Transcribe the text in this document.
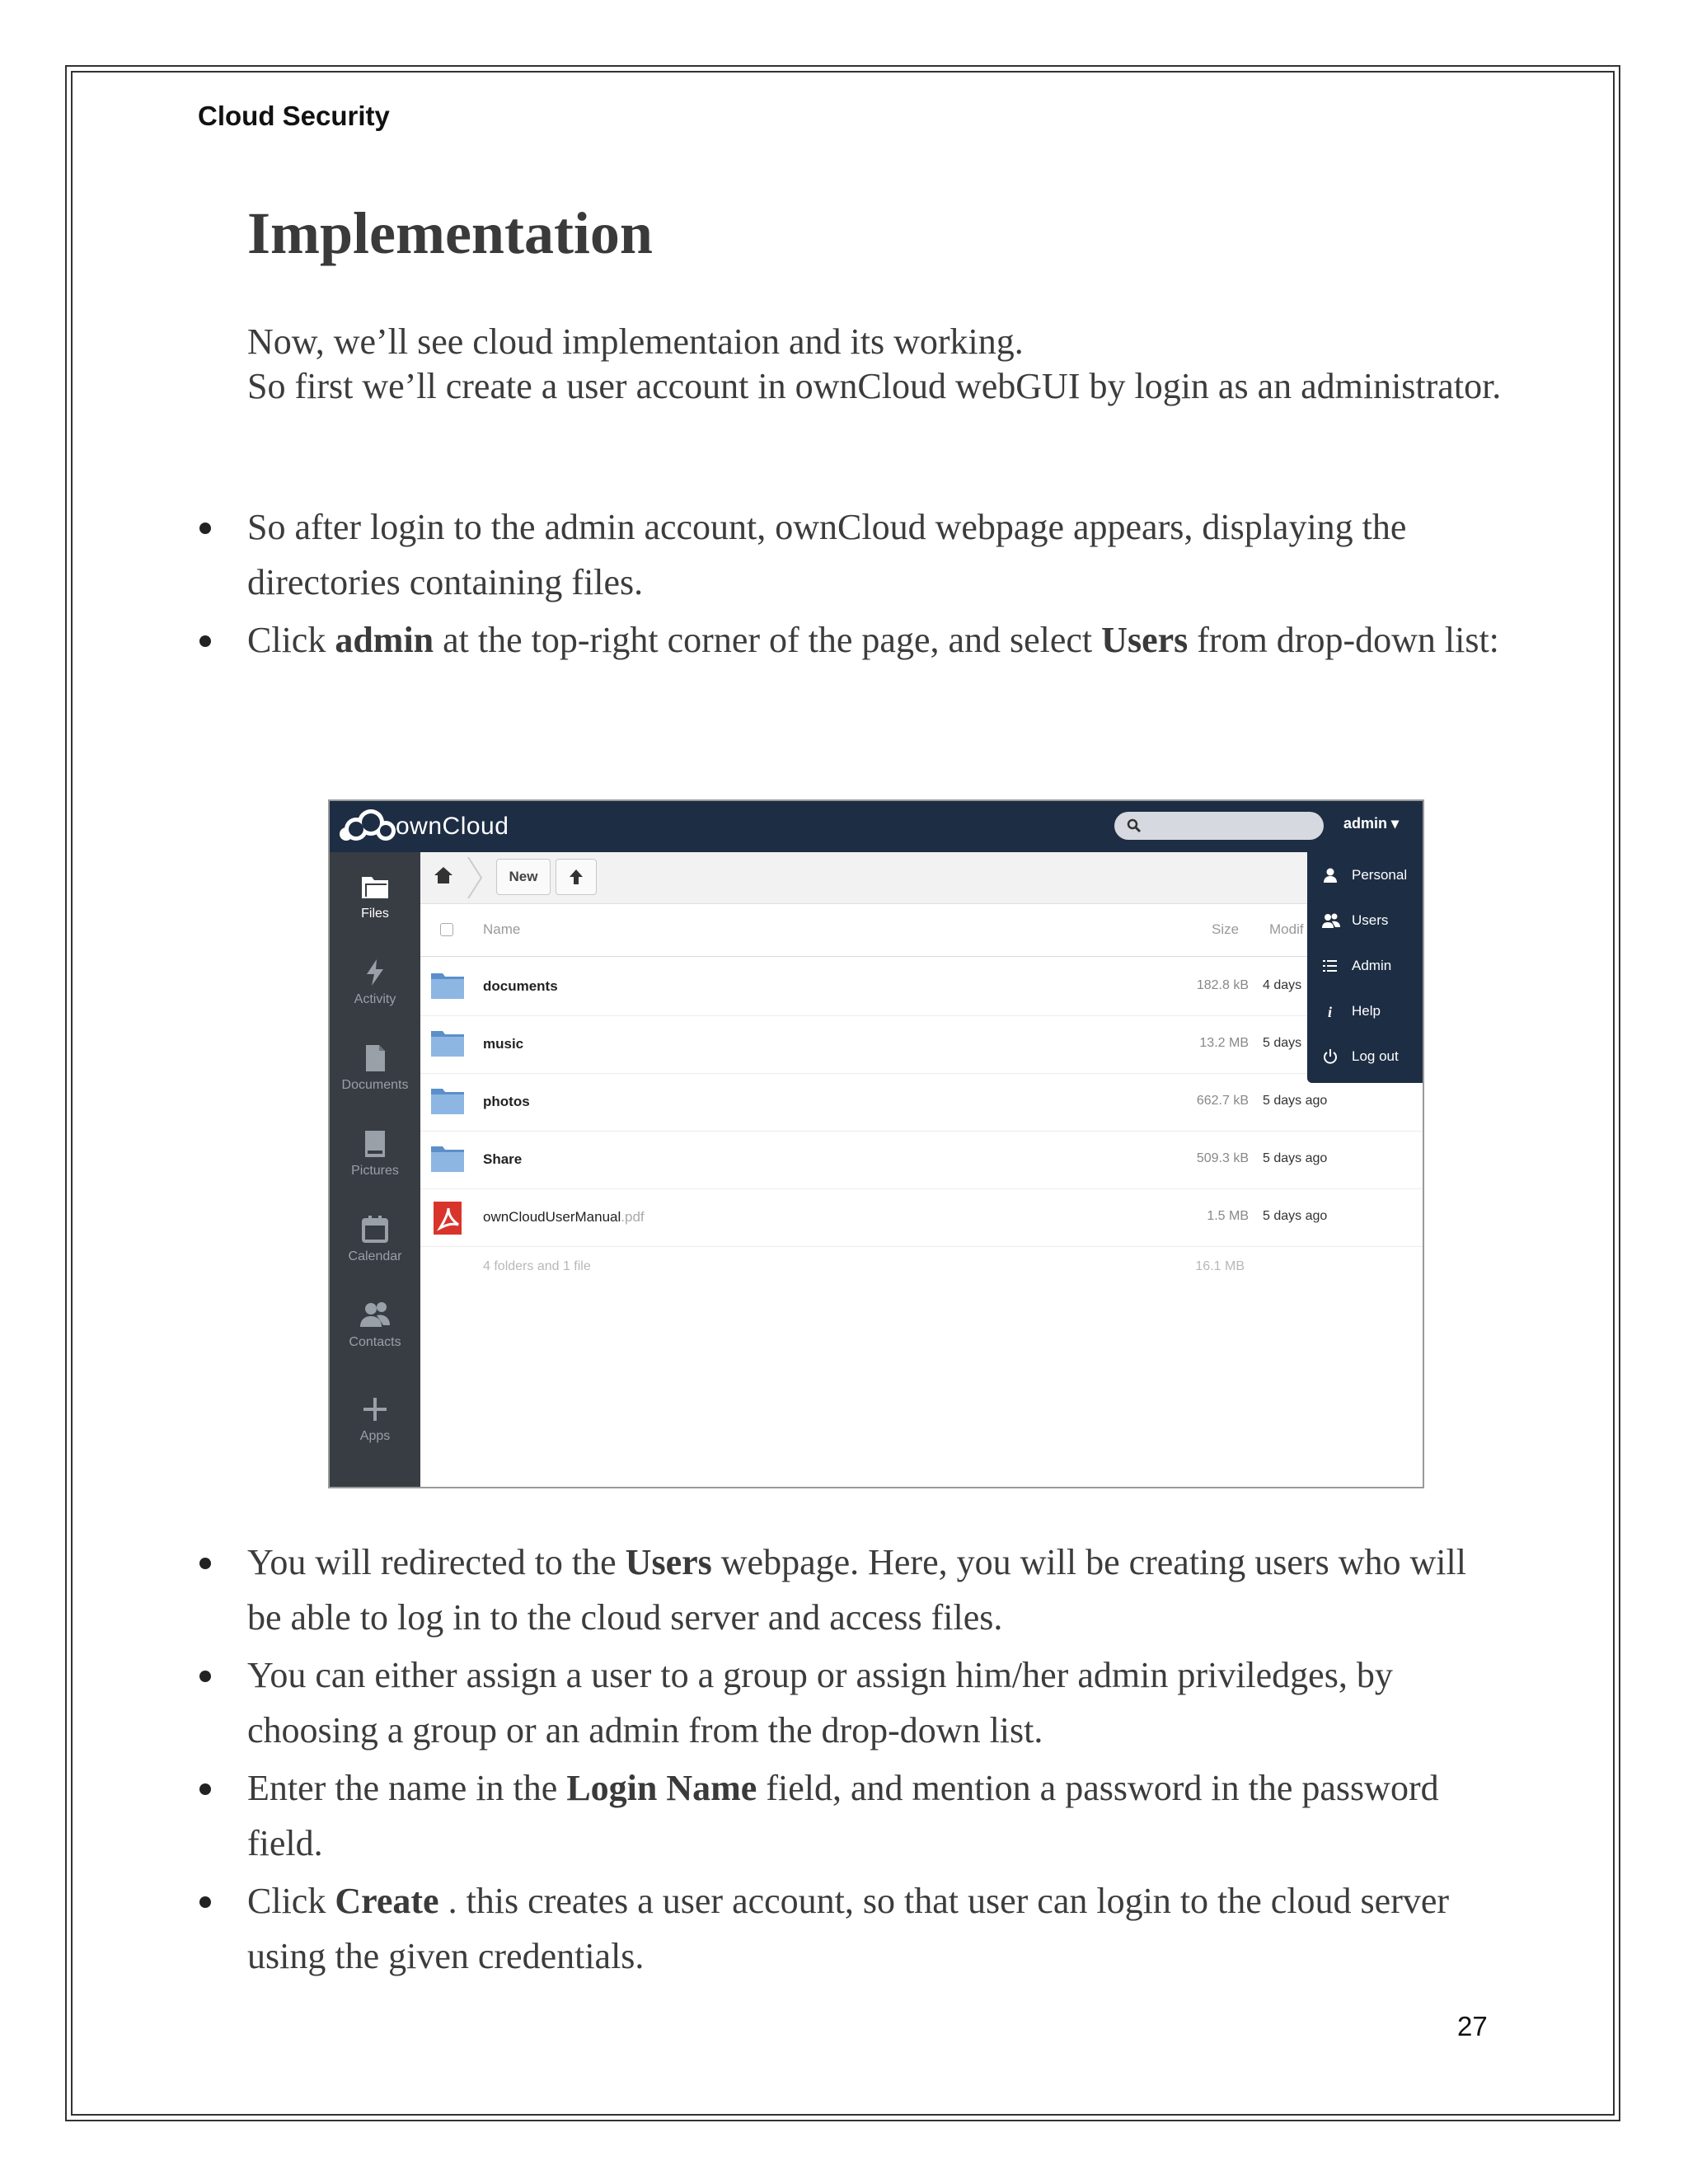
Cloud Security
Implementation

Now, we’ll see cloud implementaion and its working.

So first we’ll create a user account in ownCloud webGUI by login as an administrator.

So after login to the admin account, ownCloud webpage appears, displaying the directories containing files.
Click admin at the top-right corner of the page, and select Users from drop-down list:
ownCloud	admin ▾
Files
Activity
Documents
Pictures
Calendar
Contacts
Apps
New
Name	Size Modif
documents	182.8 kB 4 days
music	13.2 MB 5 days
photos	662.7 kB 5 days ago
Share	509.3 kB 5 days ago
ownCloudUserManual.pdf	1.5 MB 5 days ago
4 folders and 1 file	16.1 MB
Personal
Users
Admin
i Help
Log out
You will redirected to the Users webpage. Here, you will be creating users who will be able to log in to the cloud server and access files.
You can either assign a user to a group or assign him/her admin priviledges, by choosing a group or an admin from the drop-down list.
Enter the name in the Login Name field, and mention a password in the password field.
Click Create . this creates a user account, so that user can login to the cloud server using the given credentials.
27
